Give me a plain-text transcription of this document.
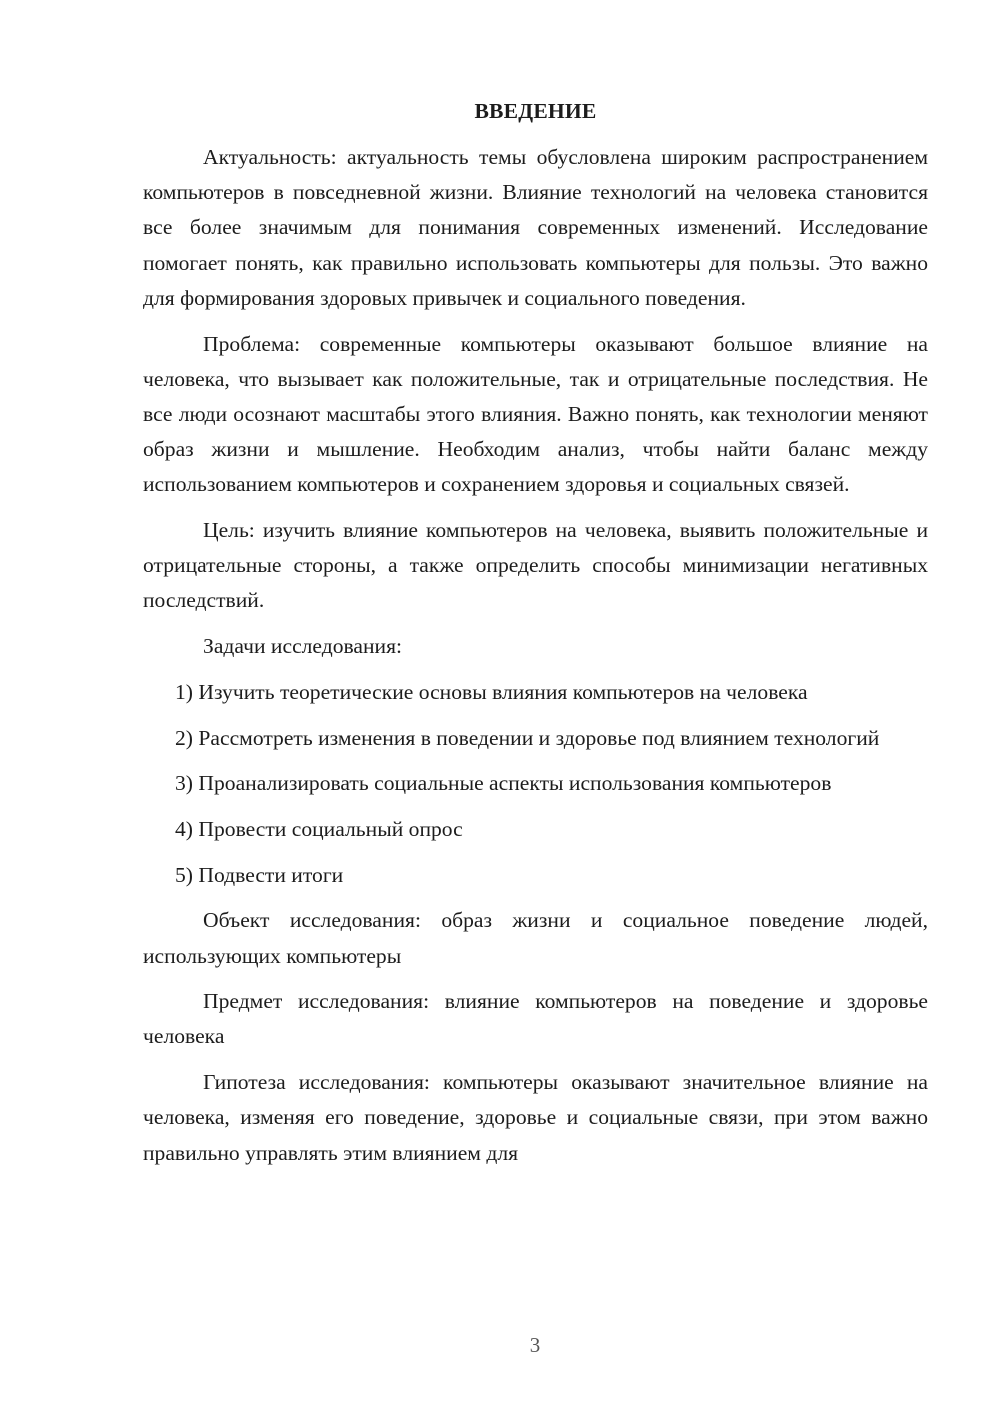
ВВЕДЕНИЕ

Актуальность: актуальность темы обусловлена широким распространением компьютеров в повседневной жизни. Влияние технологий на человека становится все более значимым для понимания современных изменений. Исследование помогает понять, как правильно использовать компьютеры для пользы. Это важно для формирования здоровых привычек и социального поведения.

Проблема: современные компьютеры оказывают большое влияние на человека, что вызывает как положительные, так и отрицательные последствия. Не все люди осознают масштабы этого влияния. Важно понять, как технологии меняют образ жизни и мышление. Необходим анализ, чтобы найти баланс между использованием компьютеров и сохранением здоровья и социальных связей.

Цель: изучить влияние компьютеров на человека, выявить положительные и отрицательные стороны, а также определить способы минимизации негативных последствий.

Задачи исследования:

1) Изучить теоретические основы влияния компьютеров на человека

2) Рассмотреть изменения в поведении и здоровье под влиянием технологий

3) Проанализировать социальные аспекты использования компьютеров

4) Провести социальный опрос

5) Подвести итоги

Объект исследования: образ жизни и социальное поведение людей, использующих компьютеры

Предмет исследования: влияние компьютеров на поведение и здоровье человека

Гипотеза исследования: компьютеры оказывают значительное влияние на человека, изменяя его поведение, здоровье и социальные связи, при этом важно правильно управлять этим влиянием для

3
